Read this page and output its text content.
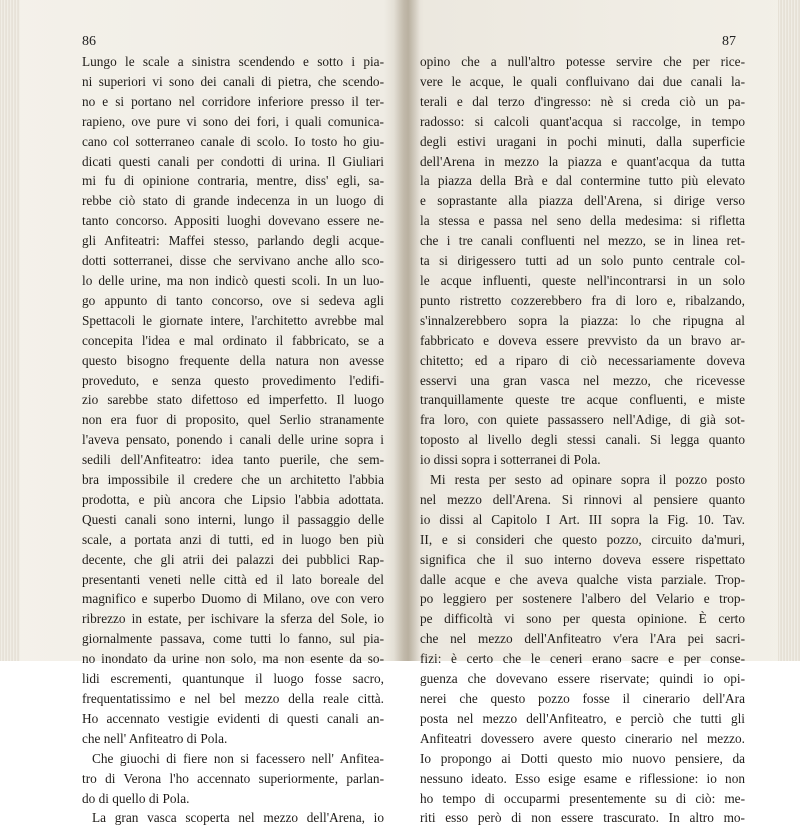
86	87
Lungo le scale a sinistra scendendo e sotto i pia-
ni superiori vi sono dei canali di pietra, che scendo-
no e si portano nel corridore inferiore presso il ter-
rapieno, ove pure vi sono dei fori, i quali comunica-
cano col sotterraneo canale di scolo. Io tosto ho giu-
dicati questi canali per condotti di urina. Il Giuliari
mi fu di opinione contraria, mentre, diss' egli, sa-
rebbe ciò stato di grande indecenza in un luogo di
tanto concorso. Appositi luoghi dovevano essere ne-
gli Anfiteatri: Maffei stesso, parlando degli acque-
dotti sotterranei, disse che servivano anche allo sco-
lo delle urine, ma non indicò questi scoli. In un luo-
go appunto di tanto concorso, ove si sedeva agli
Spettacoli le giornate intere, l'architetto avrebbe mal
concepita l'idea e mal ordinato il fabbricato, se a
questo bisogno frequente della natura non avesse
proveduto, e senza questo provedimento l'edifi-
zio sarebbe stato difettoso ed imperfetto. Il luogo
non era fuor di proposito, quel Serlio stranamente
l'aveva pensato, ponendo i canali delle urine sopra i
sedili dell'Anfiteatro: idea tanto puerile, che sem-
bra impossibile il credere che un architetto l'abbia
prodotta, e più ancora che Lipsio l'abbia adottata.
Questi canali sono interni, lungo il passaggio delle
scale, a portata anzi di tutti, ed in luogo ben più
decente, che gli atrii dei palazzi dei pubblici Rap-
presentanti veneti nelle città ed il lato boreale del
magnifico e superbo Duomo di Milano, ove con vero
ribrezzo in estate, per ischivare la sferza del Sole, io
giornalmente passava, come tutti lo fanno, sul pia-
no inondato da urine non solo, ma non esente da so-
lidi escrementi, quantunque il luogo fosse sacro,
frequentatissimo e nel bel mezzo della reale città.
Ho accennato vestigie evidenti di questi canali an-
che nell' Anfiteatro di Pola.
Che giuochi di fiere non si facessero nell' Anfitea-
tro di Verona l'ho accennato superiormente, parlan-
do di quello di Pola.
La gran vasca scoperta nel mezzo dell'Arena, io
opino che a null'altro potesse servire che per rice-
vere le acque, le quali confluivano dai due canali la-
terali e dal terzo d'ingresso: nè si creda ciò un pa-
radosso: si calcoli quant'acqua si raccolge, in tempo
degli estivi uragani in pochi minuti, dalla superficie
dell'Arena in mezzo la piazza e quant'acqua da tutta
la piazza della Brà e dal contermine tutto più elevato
e soprastante alla piazza dell'Arena, si dirige verso
la stessa e passa nel seno della medesima: si rifletta
che i tre canali confluenti nel mezzo, se in linea ret-
ta si dirigessero tutti ad un solo punto centrale col-
le acque influenti, queste nell'incontrarsi in un solo
punto ristretto cozzerebbero fra di loro e, ribalzando,
s'innalzerebbero sopra la piazza: lo che ripugna al
fabbricato e doveva essere prevvisto da un bravo ar-
chitetto; ed a riparo di ciò necessariamente doveva
esservi una gran vasca nel mezzo, che ricevesse
tranquillamente queste tre acque confluenti, e miste
fra loro, con quiete passassero nell'Adige, di già sot-
toposto al livello degli stessi canali. Si legga quanto
io dissi sopra i sotterranei di Pola.
Mi resta per sesto ad opinare sopra il pozzo posto
nel mezzo dell'Arena. Si rinnovi al pensiere quanto
io dissi al Capitolo I Art. III sopra la Fig. 10. Tav.
II, e si consideri che questo pozzo, circuito da'muri,
significa che il suo interno doveva essere rispettato
dalle acque e che aveva qualche vista parziale. Trop-
po leggiero per sostenere l'albero del Velario e trop-
pe difficoltà vi sono per questa opinione. È certo
che nel mezzo dell'Anfiteatro v'era l'Ara pei sacri-
fizi: è certo che le ceneri erano sacre e per conse-
guenza che dovevano essere riservate; quindi io opi-
nerei che questo pozzo fosse il cinerario dell'Ara
posta nel mezzo dell'Anfiteatro, e perciò che tutti gli
Anfiteatri dovessero avere questo cinerario nel mezzo.
Io propongo ai Dotti questo mio nuovo pensiere, da
nessuno ideato. Esso esige esame e riflessione: io non
ho tempo di occuparmi presentemente su di ciò: me-
riti esso però di non essere trascurato. In altro mo-
